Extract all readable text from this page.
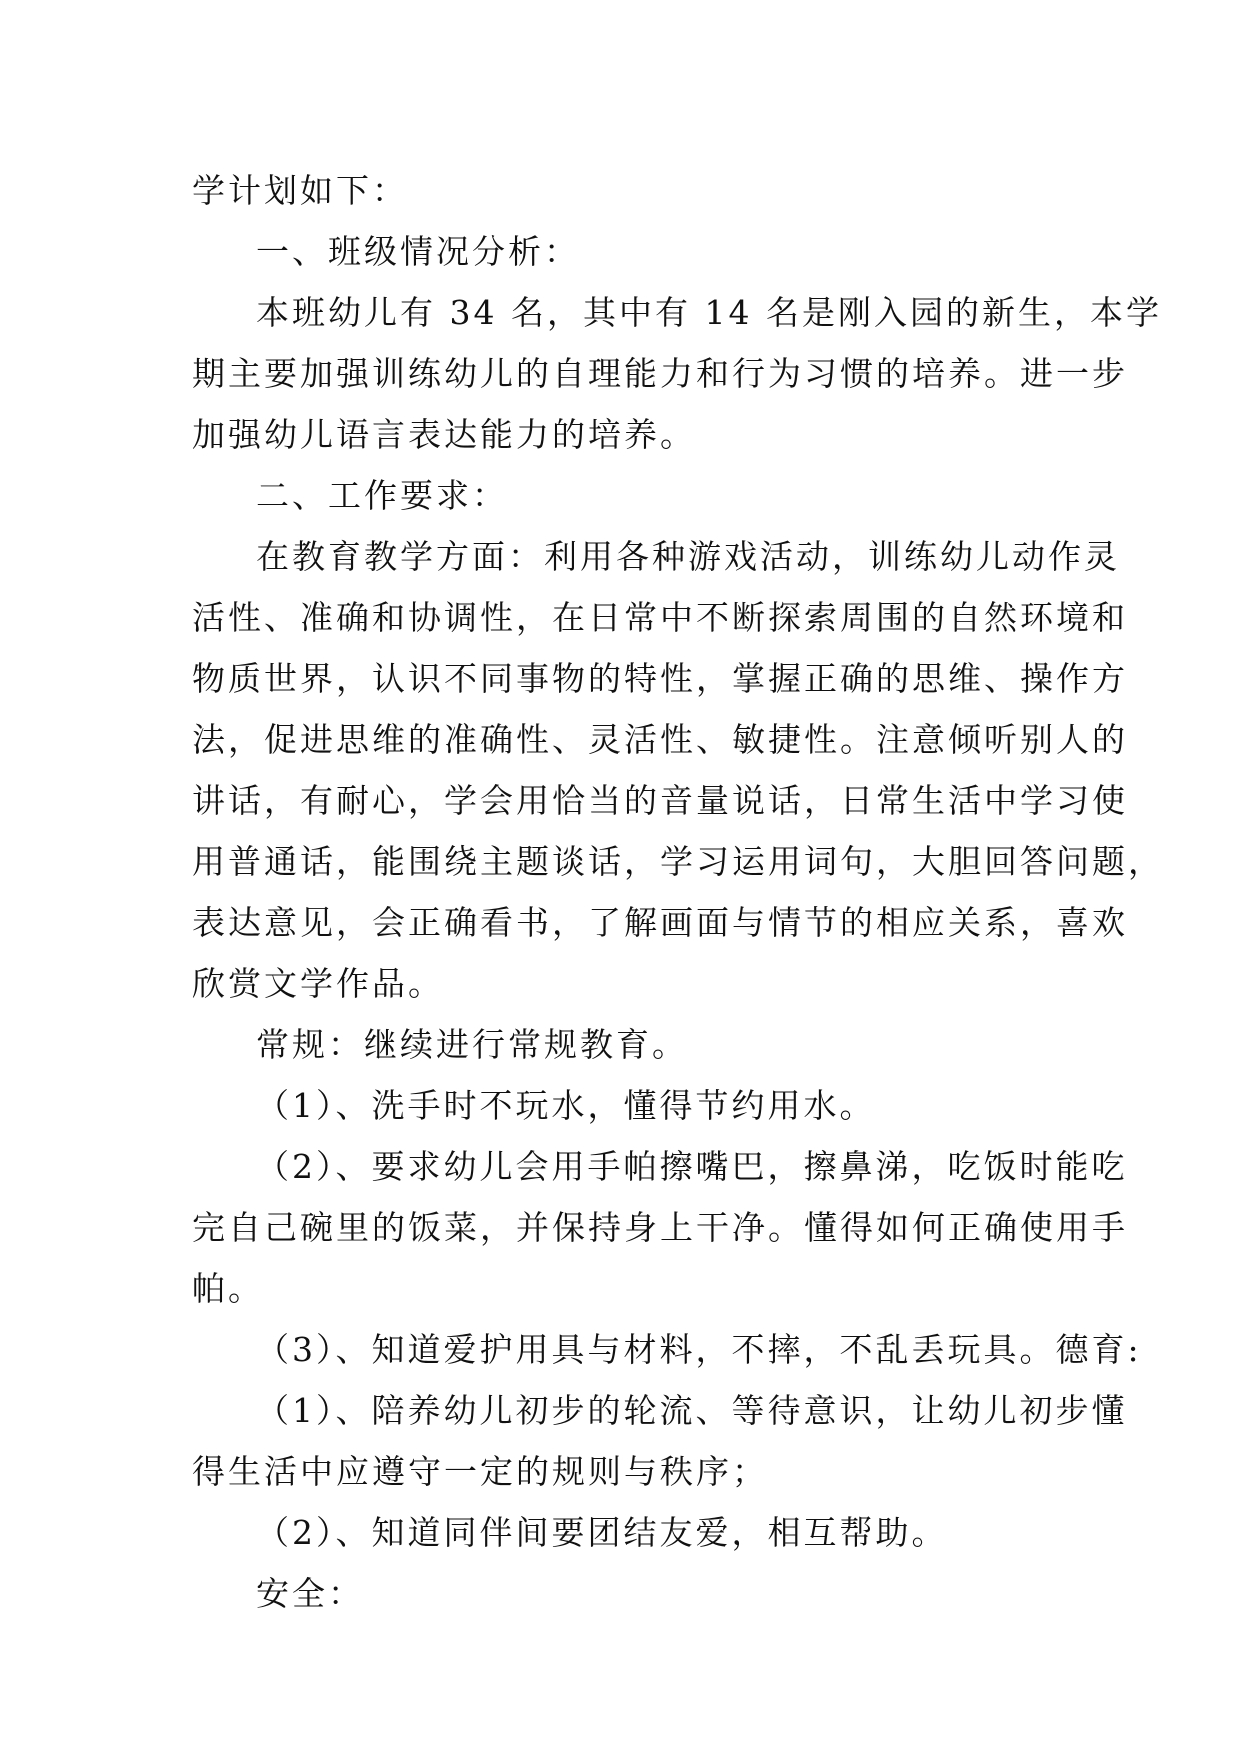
学计划如下：
一、班级情况分析：
本班幼儿有 34 名，其中有 14 名是刚入园的新生，本学
期主要加强训练幼儿的自理能力和行为习惯的培养。进一步
加强幼儿语言表达能力的培养。
二、工作要求：
在教育教学方面：利用各种游戏活动，训练幼儿动作灵
活性、准确和协调性，在日常中不断探索周围的自然环境和
物质世界，认识不同事物的特性，掌握正确的思维、操作方
法，促进思维的准确性、灵活性、敏捷性。注意倾听别人的
讲话，有耐心，学会用恰当的音量说话，日常生活中学习使
用普通话，能围绕主题谈话，学习运用词句，大胆回答问题，
表达意见，会正确看书，了解画面与情节的相应关系，喜欢
欣赏文学作品。
常规：继续进行常规教育。
（1）、洗手时不玩水，懂得节约用水。
（2）、要求幼儿会用手帕擦嘴巴，擦鼻涕，吃饭时能吃
完自己碗里的饭菜，并保持身上干净。懂得如何正确使用手
帕。
（3）、知道爱护用具与材料，不摔，不乱丢玩具。德育:
（1）、陪养幼儿初步的轮流、等待意识，让幼儿初步懂
得生活中应遵守一定的规则与秩序；
（2）、知道同伴间要团结友爱，相互帮助。
安全：
